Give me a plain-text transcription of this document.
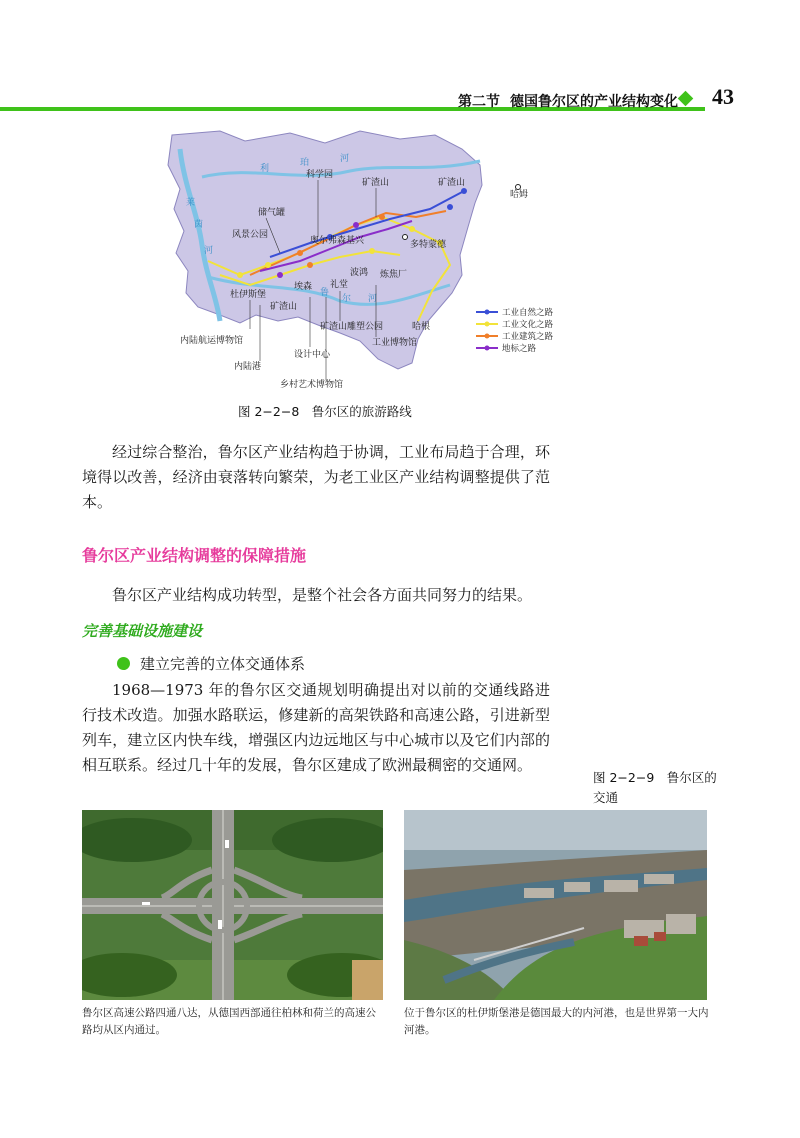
第二节 德国鲁尔区的产业结构变化 43
莱
茵
河
利
珀	河
鲁
尔 河
科学园
矿渣山	矿渣山
哈姆
储气罐
风景公园
奥尔弗森基兴	多特蒙德
波鸿 炼焦厂
埃森 礼堂
杜伊斯堡
矿渣山
哈根
矿渣山雕塑公园
内陆航运博物馆	工业博物馆
设计中心
内陆港
乡村艺术博物馆
工业自然之路
工业文化之路
工业建筑之路
地标之路
图 2−2−8　鲁尔区的旅游路线

经过综合整治，鲁尔区产业结构趋于协调，工业布局趋于合理，环境得以改善，经济由衰落转向繁荣，为老工业区产业结构调整提供了范本。

鲁尔区产业结构调整的保障措施

鲁尔区产业结构成功转型，是整个社会各方面共同努力的结果。

完善基础设施建设
建立完善的立体交通体系

1968—1973 年的鲁尔区交通规划明确提出对以前的交通线路进行技术改造。加强水路联运，修建新的高架铁路和高速公路，引进新型列车，建立区内快车线，增强区内边远地区与中心城市以及它们内部的相互联系。经过几十年的发展，鲁尔区建成了欧洲最稠密的交通网。

图 2−2−9　鲁尔区的交通

鲁尔区高速公路四通八达，从德国西部通往柏林和荷兰的高速公路均从区内通过。

位于鲁尔区的杜伊斯堡港是德国最大的内河港，也是世界第一大内河港。
